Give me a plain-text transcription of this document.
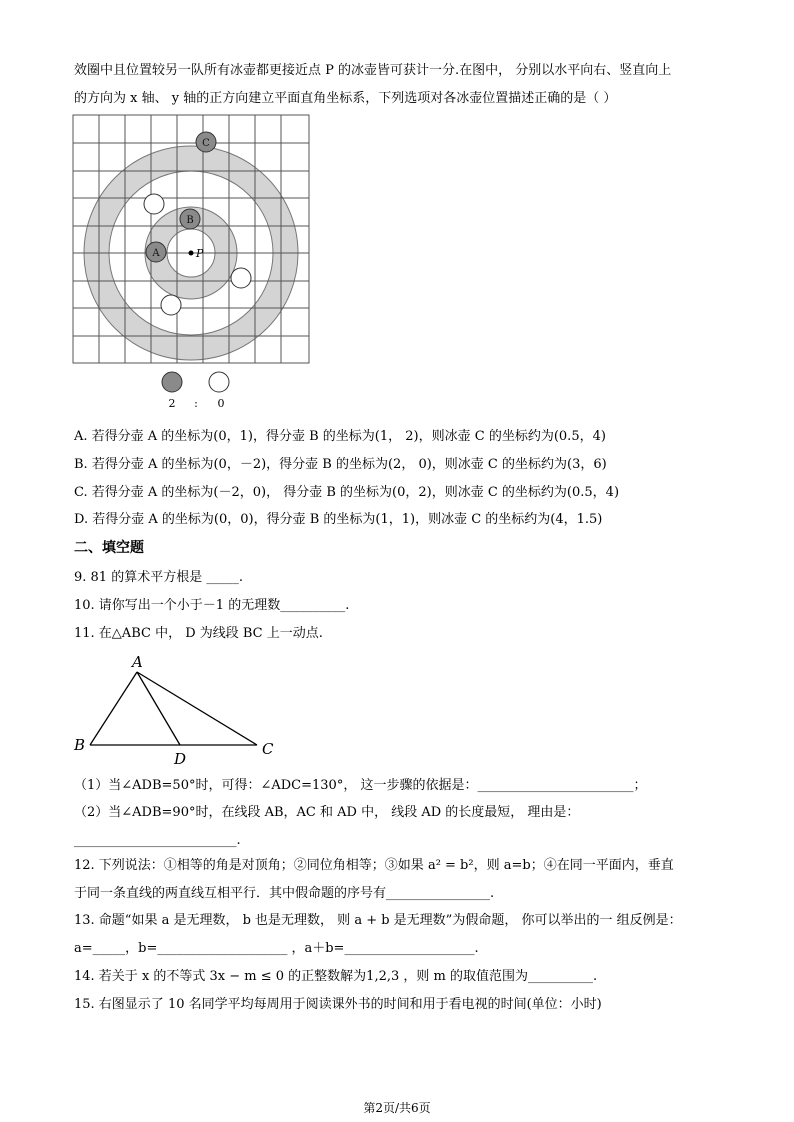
效圈中且位置较另一队所有冰壶都更接近点 P 的冰壶皆可获计一分.在图中， 分别以水平向右、竖直向上
的方向为 x 轴、 y 轴的正方向建立平面直角坐标系，下列选项对各冰壶位置描述正确的是（ ）
C
B
A	P
2 : 0
A. 若得分壶 A 的坐标为(0，1)，得分壶 B 的坐标为(1， 2)，则冰壶 C 的坐标约为(0.5，4)
B. 若得分壶 A 的坐标为(0，－2)，得分壶 B 的坐标为(2， 0)，则冰壶 C 的坐标约为(3，6)
C. 若得分壶 A 的坐标为(－2，0)， 得分壶 B 的坐标为(0，2)，则冰壶 C 的坐标约为(0.5，4)
D. 若得分壶 A 的坐标为(0，0)，得分壶 B 的坐标为(1，1)，则冰壶 C 的坐标约为(4，1.5)
二、填空题
9. 81 的算术平方根是 _____.
10. 请你写出一个小于－1 的无理数__________.
11. 在△ABC 中， D 为线段 BC 上一动点.
A
B	C
D
（1）当∠ADB=50°时，可得：∠ADC=130°， 这一步骤的依据是：________________________；
（2）当∠ADB=90°时，在线段 AB，AC 和 AD 中， 线段 AD 的长度最短， 理由是：
_________________________.
12. 下列说法：①相等的角是对顶角；②同位角相等；③如果 a² = b²，则 a=b；④在同一平面内，垂直
于同一条直线的两直线互相平行．其中假命题的序号有________________.
13. 命题“如果 a 是无理数， b 也是无理数， 则 a + b 是无理数”为假命题， 你可以举出的一 组反例是：
a=_____，b=____________________ ，a＋b=____________________.
14. 若关于 x 的不等式 3x − m ≤ 0 的正整数解为1,2,3 ，则 m 的取值范围为__________.
15. 右图显示了 10 名同学平均每周用于阅读课外书的时间和用于看电视的时间(单位：小时)
第2页/共6页
